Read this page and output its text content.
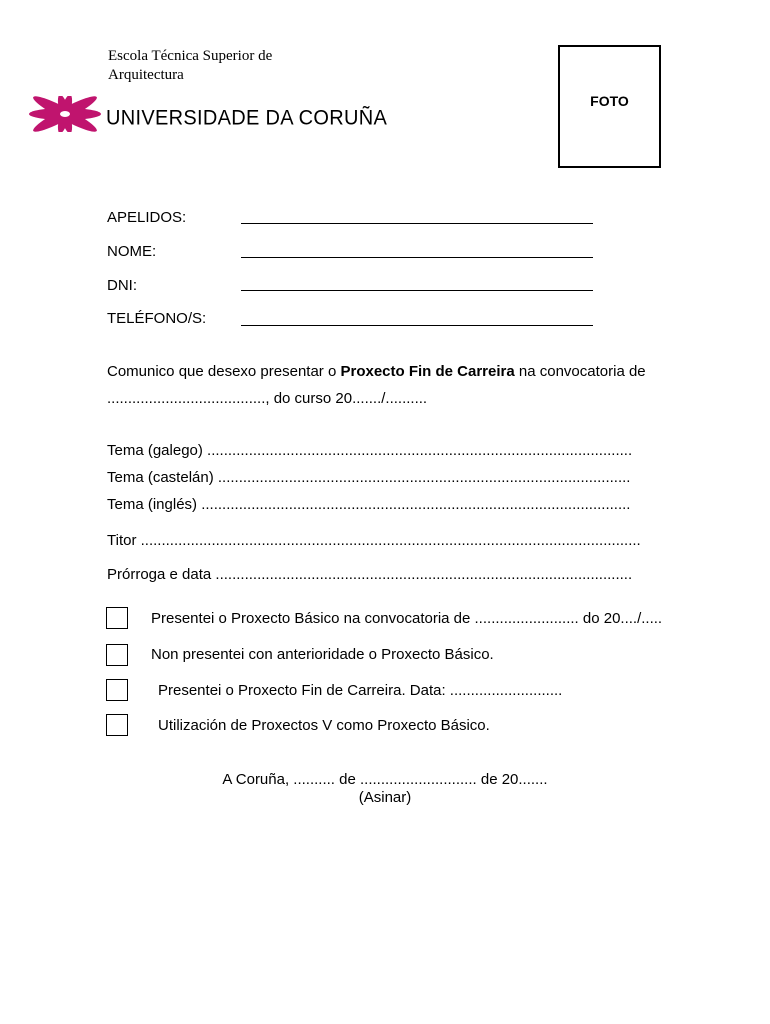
Escola Técnica Superior de
Arquitectura
UNIVERSIDADE DA CORUÑA
FOTO
APELIDOS:
NOME:
DNI:
TELÉFONO/S:
Comunico que desexo presentar o Proxecto Fin de Carreira na convocatoria de
......................................, do curso 20......./..........
Tema (galego) ......................................................................................................
Tema (castelán) ...................................................................................................
Tema (inglés) .......................................................................................................
Titor ........................................................................................................................
Prórroga e data ....................................................................................................
Presentei o Proxecto Básico na convocatoria de ......................... do 20..../.....
Non presentei con anterioridade o Proxecto Básico.
Presentei o Proxecto Fin de Carreira. Data: ...........................
Utilización de Proxectos V como Proxecto Básico.
A Coruña, .......... de ............................ de 20.......
(Asinar)
